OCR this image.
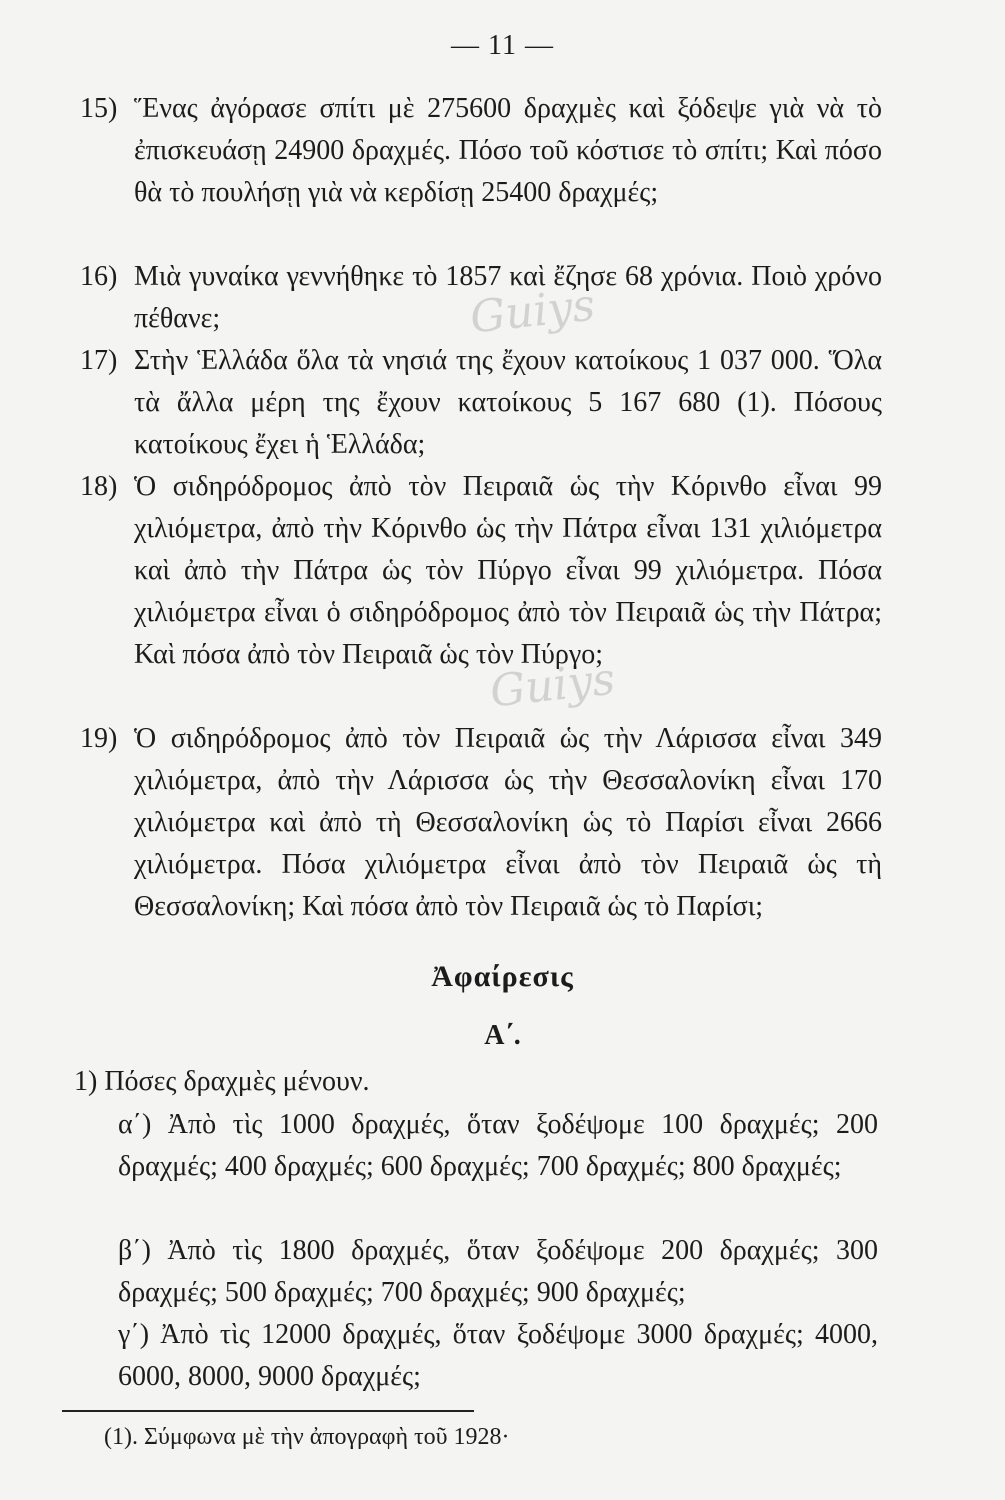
— 11 —
15) Ἕνας ἀγόρασε σπίτι μὲ 275600 δραχμὲς καὶ ξόδεψε γιὰ νὰ τὸ ἐπισκευάσῃ 24900 δραχμές. Πόσο τοῦ κόστισε τὸ σπίτι; Καὶ πόσο θὰ τὸ πουλήσῃ γιὰ νὰ κερδίσῃ 25400 δραχμές;
16) Μιὰ γυναίκα γεννήθηκε τὸ 1857 καὶ ἔζησε 68 χρόνια. Ποιὸ χρόνο πέθανε;
17) Στὴν Ἑλλάδα ὅλα τὰ νησιά της ἔχουν κατοίκους 1 037 000. Ὅλα τὰ ἄλλα μέρη της ἔχουν κατοίκους 5 167 680 (1). Πόσους κατοίκους ἔχει ἡ Ἑλλάδα;
18) Ὁ σιδηρόδρομος ἀπὸ τὸν Πειραιᾶ ὡς τὴν Κόρινθο εἶναι 99 χιλιόμετρα, ἀπὸ τὴν Κόρινθο ὡς τὴν Πάτρα εἶναι 131 χιλιόμετρα καὶ ἀπὸ τὴν Πάτρα ὡς τὸν Πύργο εἶναι 99 χιλιόμετρα. Πόσα χιλιόμετρα εἶναι ὁ σιδηρόδρομος ἀπὸ τὸν Πειραιᾶ ὡς τὴν Πάτρα; Καὶ πόσα ἀπὸ τὸν Πειραιᾶ ὡς τὸν Πύργο;
19) Ὁ σιδηρόδρομος ἀπὸ τὸν Πειραιᾶ ὡς τὴν Λάρισσα εἶναι 349 χιλιόμετρα, ἀπὸ τὴν Λάρισσα ὡς τὴν Θεσσαλονίκη εἶναι 170 χιλιόμετρα καὶ ἀπὸ τὴ Θεσσαλονίκη ὡς τὸ Παρίσι εἶναι 2666 χιλιόμετρα. Πόσα χιλιόμετρα εἶναι ἀπὸ τὸν Πειραιᾶ ὡς τὴ Θεσσαλονίκη; Καὶ πόσα ἀπὸ τὸν Πειραιᾶ ὡς τὸ Παρίσι;
Guiys
Guiys
Ἀφαίρεσις
Α΄.
1) Πόσες δραχμὲς μένουν.
α΄) Ἀπὸ τὶς 1000 δραχμές, ὅταν ξοδέψομε 100 δραχμές; 200 δραχμές; 400 δραχμές; 600 δραχμές; 700 δραχμές; 800 δραχμές;
β΄) Ἀπὸ τὶς 1800 δραχμές, ὅταν ξοδέψομε 200 δραχμές; 300 δραχμές; 500 δραχμές; 700 δραχμές; 900 δραχμές;
γ΄) Ἀπὸ τὶς 12000 δραχμές, ὅταν ξοδέψομε 3000 δραχμές; 4000, 6000, 8000, 9000 δραχμές;
(1). Σύμφωνα μὲ τὴν ἀπογραφὴ τοῦ 1928·
